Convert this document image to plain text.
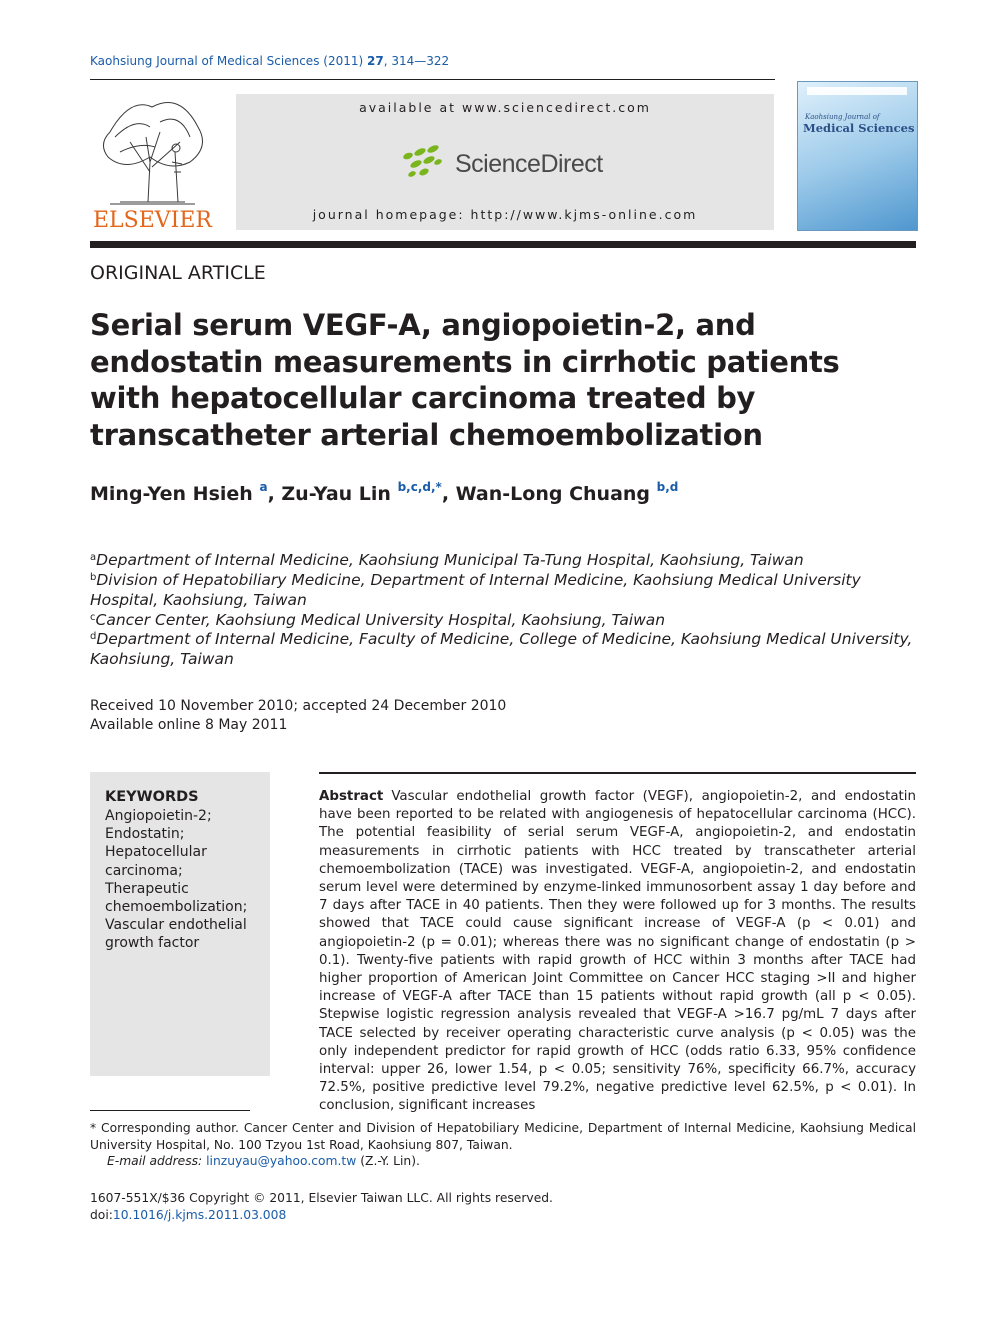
Kaohsiung Journal of Medical Sciences (2011) 27, 314—322
ELSEVIER
available at www.sciencedirect.com
ScienceDirect
journal homepage: http://www.kjms-online.com
Kaohsiung Journal of
Medical Sciences
ORIGINAL ARTICLE
Serial serum VEGF-A, angiopoietin-2, and endostatin measurements in cirrhotic patients with hepatocellular carcinoma treated by transcatheter arterial chemoembolization
Ming-Yen Hsieh $^a$, Zu-Yau Lin $^{b,c,d,*}$, Wan-Long Chuang $^{b,d}$
$^a$Department of Internal Medicine, Kaohsiung Municipal Ta-Tung Hospital, Kaohsiung, Taiwan
$^b$Division of Hepatobiliary Medicine, Department of Internal Medicine, Kaohsiung Medical University Hospital, Kaohsiung, Taiwan
$^c$Cancer Center, Kaohsiung Medical University Hospital, Kaohsiung, Taiwan
$^d$Department of Internal Medicine, Faculty of Medicine, College of Medicine, Kaohsiung Medical University, Kaohsiung, Taiwan
Received 10 November 2010; accepted 24 December 2010
Available online 8 May 2011
KEYWORDS
Angiopoietin-2;
Endostatin;
Hepatocellular carcinoma;
Therapeutic chemoembolization;
Vascular endothelial growth factor

Abstract Vascular endothelial growth factor (VEGF), angiopoietin-2, and endostatin have been reported to be related with angiogenesis of hepatocellular carcinoma (HCC). The potential feasibility of serial serum VEGF-A, angiopoietin-2, and endostatin measurements in cirrhotic patients with HCC treated by transcatheter arterial chemoembolization (TACE) was investigated. VEGF-A, angiopoietin-2, and endostatin serum level were determined by enzyme-linked immunosorbent assay 1 day before and 7 days after TACE in 40 patients. Then they were followed up for 3 months. The results showed that TACE could cause significant increase of VEGF-A (p < 0.01) and angiopoietin-2 (p = 0.01); whereas there was no significant change of endostatin (p > 0.1). Twenty-five patients with rapid growth of HCC within 3 months after TACE had higher proportion of American Joint Committee on Cancer HCC staging >II and higher increase of VEGF-A after TACE than 15 patients without rapid growth (all p < 0.05). Stepwise logistic regression analysis revealed that VEGF-A >16.7 pg/mL 7 days after TACE selected by receiver operating characteristic curve analysis (p < 0.05) was the only independent predictor for rapid growth of HCC (odds ratio 6.33, 95% confidence interval: upper 26, lower 1.54, p < 0.05; sensitivity 76%, specificity 66.7%, accuracy 72.5%, positive predictive level 79.2%, negative predictive level 62.5%, p < 0.01). In conclusion, significant increases

* Corresponding author. Cancer Center and Division of Hepatobiliary Medicine, Department of Internal Medicine, Kaohsiung Medical University Hospital, No. 100 Tzyou 1st Road, Kaohsiung 807, Taiwan.
E-mail address: linzuyau@yahoo.com.tw (Z.-Y. Lin).
1607-551X/$36 Copyright © 2011, Elsevier Taiwan LLC. All rights reserved.
doi:10.1016/j.kjms.2011.03.008
